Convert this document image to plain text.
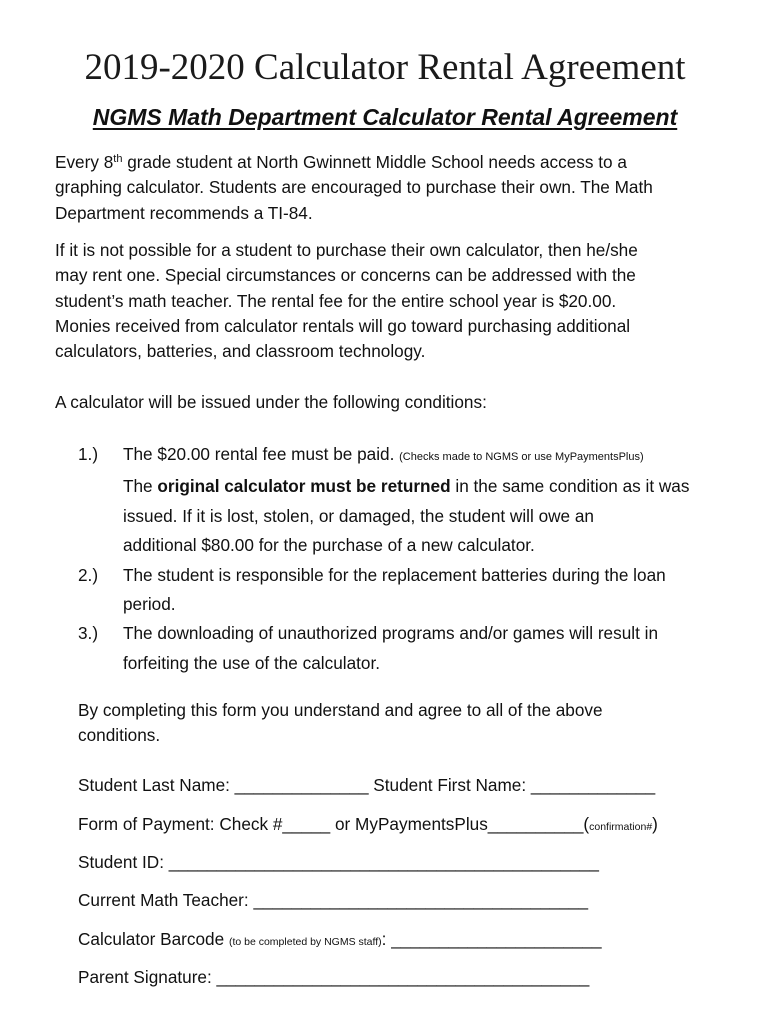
2019-2020 Calculator Rental Agreement
NGMS Math Department Calculator Rental Agreement
Every 8th grade student at North Gwinnett Middle School needs access to a
graphing calculator. Students are encouraged to purchase their own. The Math
Department recommends a TI-84.
If it is not possible for a student to purchase their own calculator, then he/she
may rent one. Special circumstances or concerns can be addressed with the
student’s math teacher. The rental fee for the entire school year is $20.00.
Monies received from calculator rentals will go toward purchasing additional
calculators, batteries, and classroom technology.
A calculator will be issued under the following conditions:
1.) The $20.00 rental fee must be paid. (Checks made to NGMS or use MyPaymentsPlus)
The original calculator must be returned in the same condition as it was
issued. If it is lost, stolen, or damaged, the student will owe an
additional $80.00 for the purchase of a new calculator.
2.) The student is responsible for the replacement batteries during the loan
period.
3.) The downloading of unauthorized programs and/or games will result in
forfeiting the use of the calculator.
By completing this form you understand and agree to all of the above
conditions.
Student Last Name: ______________ Student First Name: _____________
Form of Payment: Check #_____ or MyPaymentsPlus__________(confirmation#)
Student ID: _____________________________________________
Current Math Teacher: ___________________________________
Calculator Barcode (to be completed by NGMS staff): ______________________
Parent Signature: _______________________________________
